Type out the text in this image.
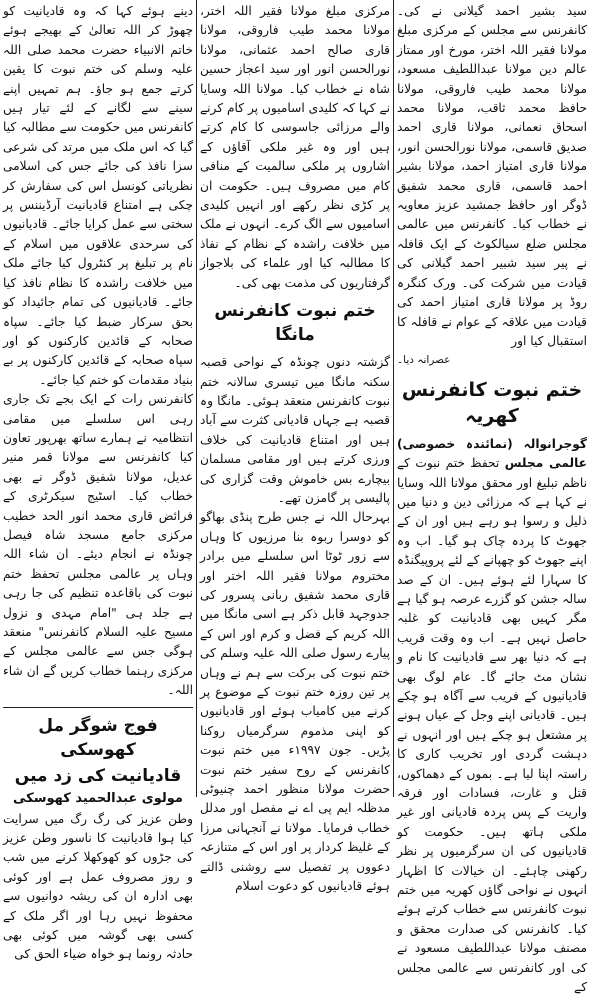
سید بشیر احمد گیلانی نے کی۔ کانفرنس سے مجلس کے مرکزی مبلغ مولانا فقیر اللہ اختر، مورخ اور ممتاز عالم دین مولانا عبداللطیف مسعود، مولانا محمد طیب فاروقی، مولانا حافظ محمد ثاقب، مولانا محمد اسحاق نعمانی، مولانا قاری احمد صدیق قاسمی، مولانا نورالحسن انور، مولانا قاری امتیاز احمد، مولانا بشیر احمد قاسمی، قاری محمد شفیق ڈوگر اور حافظ جمشید عزیز معاویہ نے خطاب کیا۔ کانفرنس میں عالمی مجلس ضلع سیالکوٹ کے ایک قافلہ نے پیر سید شبیر احمد گیلانی کی قیادت میں شرکت کی۔ ورک کنگرہ روڈ پر مولانا قاری امتیاز احمد کی قیادت میں علاقہ کے عوام نے قافلہ کا استقبال کیا اور

عصرانہ دیا۔
ختم نبوت کانفرنس کھریہ

گوجرانوالہ (نمائندہ خصوصی) عالمی مجلس تحفظ ختم نبوت کے ناظم تبلیغ اور محقق مولانا اللہ وسایا نے کہا ہے کہ مرزائی دین و دنیا میں ذلیل و رسوا ہو رہے ہیں اور ان کے جھوٹ کا پردہ چاک ہو گیا۔ اب وہ اپنے جھوٹ کو چھپانے کے لئے پروپیگنڈہ کا سہارا لئے ہوئے ہیں۔ ان کے صد سالہ جشن کو گزرے عرصہ ہو گیا ہے مگر کہیں بھی قادیانیت کو غلبہ حاصل نہیں ہے۔ اب وہ وقت قریب ہے کہ دنیا بھر سے قادیانیت کا نام و نشان مٹ جائے گا۔ عام لوگ بھی قادیانیوں کے فریب سے آگاہ ہو چکے ہیں۔ قادیانی اپنے وجل کے عیاں ہونے پر مشتعل ہو چکے ہیں اور انہوں نے دہشت گردی اور تخریب کاری کا راستہ اپنا لیا ہے۔ بموں کے دھماکوں، قتل و غارت، فسادات اور فرقہ واریت کے پس پردہ قادیانی اور غیر ملکی ہاتھ ہیں۔ حکومت کو قادیانیوں کی ان سرگرمیوں پر نظر رکھنی چاہئے۔ ان خیالات کا اظہار انہوں نے نواحی گاؤں کھریہ میں ختم نبوت کانفرنس سے خطاب کرتے ہوئے کیا۔ کانفرنس کی صدارت محقق و مصنف مولانا عبداللطیف مسعود نے کی اور کانفرنس سے عالمی مجلس کے

مرکزی مبلغ مولانا فقیر اللہ اختر، مولانا محمد طیب فاروقی، مولانا قاری صالح احمد عثمانی، مولانا نورالحسن انور اور سید اعجاز حسین شاہ نے خطاب کیا۔ مولانا اللہ وسایا نے کہا کہ کلیدی اسامیوں پر کام کرنے والے مرزائی جاسوسی کا کام کرتے ہیں اور وہ غیر ملکی آقاؤں کے اشاروں پر ملکی سالمیت کے منافی کام میں مصروف ہیں۔ حکومت ان پر کڑی نظر رکھے اور انہیں کلیدی اسامیوں سے الگ کرے۔ انہوں نے ملک میں خلافت راشدہ کے نظام کے نفاذ کا مطالبہ کیا اور علماء کی بلاجواز گرفتاریوں کی مذمت بھی کی۔

ختم نبوت کانفرنس مانگا

گزشتہ دنوں چونڈہ کے نواحی قصبہ سکنہ مانگا میں تیسری سالانہ ختم نبوت کانفرنس منعقد ہوئی۔ مانگا وہ قصبہ ہے جہاں قادیانی کثرت سے آباد ہیں اور امتناع قادیانیت کی خلاف ورزی کرتے ہیں اور مقامی مسلمان بیچارے بس خاموش وقت گزاری کی پالیسی پر گامزن تھے۔

بہرحال اللہ نے جس طرح پنڈی بھاگو کو دوسرا ربوہ بنا مرزیوں کا وہاں سے زور ٹوٹا اس سلسلے میں برادر مختروم مولانا فقیر اللہ اختر اور قاری محمد شفیق ربانی پسرور کی جدوجہد قابل ذکر ہے اسی مانگا میں اللہ کریم کے فضل و کرم اور اس کے پیارے رسول صلی اللہ علیہ وسلم کی ختم نبوت کی برکت سے ہم نے وہاں پر تین روزہ ختم نبوت کے موضوع پر کرنے میں کامیاب ہوئے اور قادیانیوں کو اپنی مذموم سرگرمیاں روکنا پڑیں۔ جون ۱۹۹۷ء میں ختم نبوت کانفرنس کے روح سفیر ختم نبوت حضرت مولانا منظور احمد چنیوٹی مدظلہ ایم پی اے نے مفصل اور مدلل خطاب فرمایا۔ مولانا نے آنجہانی مرزا کے غلیظ کردار پر اور اس کے متنازعہ دعووں پر تفصیل سے روشنی ڈالتے ہوئے قادیانیوں کو دعوت اسلام

دینے ہوئے کہا کہ وہ قادیانیت کو چھوڑ کر اللہ تعالیٰ کے بھیجے ہوئے خاتم الانبیاء حضرت محمد صلی اللہ علیہ وسلم کی ختم نبوت کا یقین کرتے جمع ہو جاؤ۔ ہم تمہیں اپنے سینے سے لگانے کے لئے تیار ہیں کانفرنس میں حکومت سے مطالبہ کیا گیا کہ اس ملک میں مرتد کی شرعی سزا نافذ کی جائے جس کی اسلامی نظریاتی کونسل اس کی سفارش کر چکی ہے امتناع قادیانیت آرڈیننس پر سختی سے عمل کرایا جائے۔ قادیانیوں کی سرحدی علاقوں میں اسلام کے نام پر تبلیغ پر کنٹرول کیا جائے ملک میں خلافت راشدہ کا نظام نافذ کیا جائے۔ قادیانیوں کی تمام جائیداد کو بحق سرکار ضبط کیا جائے۔ سپاہ صحابہ کے قائدین کارکنوں کو اور سپاہ صحابہ کے قائدین کارکنوں پر بے بنیاد مقدمات کو ختم کیا جائے۔

کانفرنس رات کے ایک بجے تک جاری رہی اس سلسلے میں مقامی انتظامیہ نے ہمارے ساتھ بھرپور تعاون کیا کانفرنس سے مولانا قمر منیر عدیل، مولانا شفیق ڈوگر نے بھی خطاب کیا۔ اسٹیج سیکرٹری کے فرائض قاری محمد انور الحد خطیب مرکزی جامع مسجد شاہ فیصل چونڈہ نے انجام دیئے۔ ان شاء اللہ وہاں پر عالمی مجلس تحفظ ختم نبوت کی باقاعدہ تنظیم کی جا رہی ہے جلد ہی "امام مہدی و نزول مسیح علیہ السلام کانفرنس" منعقد ہوگی جس سے عالمی مجلس کے مرکزی رہنما خطاب کریں گے ان شاء اللہ۔

فوج شوگر مل کھوسکی
قادیانیت کی زد میں
مولوی عبدالحمید کھوسکی

وطن عزیز کی رگ رگ میں سرایت کیا ہوا قادیانیت کا ناسور وطن عزیز کی جڑوں کو کھوکھلا کرنے میں شب و روز مصروف عمل ہے اور کوئی بھی ادارہ ان کی ریشہ دوانیوں سے محفوظ نہیں رہا اور اگر ملک کے کسی بھی گوشہ میں کوئی بھی حادثہ رونما ہو خواہ ضیاء الحق کی
